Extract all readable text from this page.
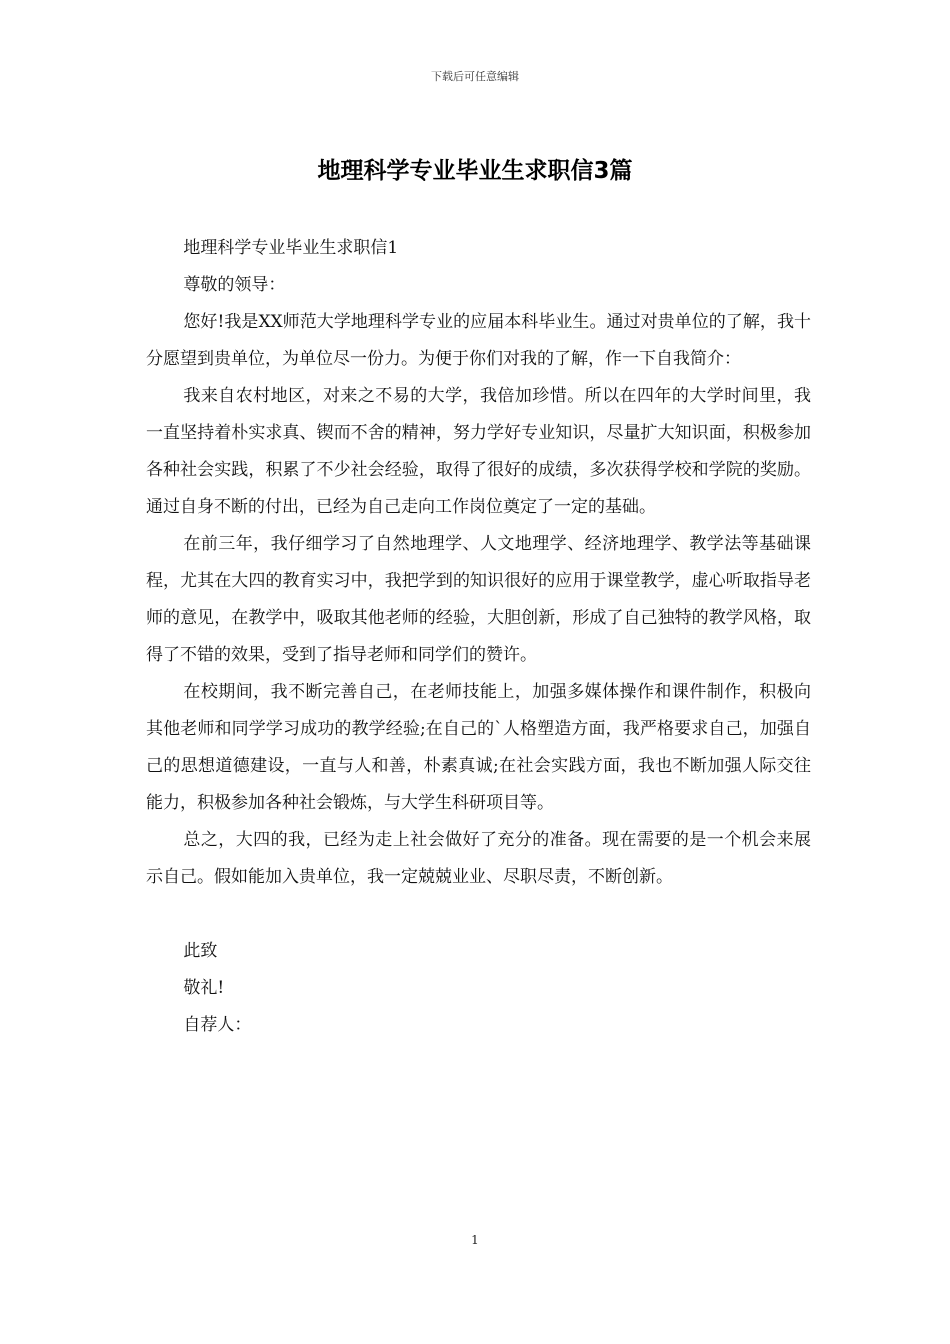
下载后可任意编辑
地理科学专业毕业生求职信3篇

地理科学专业毕业生求职信1

尊敬的领导：

您好!我是XX师范大学地理科学专业的应届本科毕业生。通过对贵单位的了解，我十分愿望到贵单位，为单位尽一份力。为便于你们对我的了解，作一下自我简介：

我来自农村地区，对来之不易的大学，我倍加珍惜。所以在四年的大学时间里，我一直坚持着朴实求真、锲而不舍的精神，努力学好专业知识，尽量扩大知识面，积极参加各种社会实践，积累了不少社会经验，取得了很好的成绩，多次获得学校和学院的奖励。通过自身不断的付出，已经为自己走向工作岗位奠定了一定的基础。

在前三年，我仔细学习了自然地理学、人文地理学、经济地理学、教学法等基础课程，尤其在大四的教育实习中，我把学到的知识很好的应用于课堂教学，虚心听取指导老师的意见，在教学中，吸取其他老师的经验，大胆创新，形成了自己独特的教学风格，取得了不错的效果，受到了指导老师和同学们的赞许。

在校期间，我不断完善自己，在老师技能上，加强多媒体操作和课件制作，积极向其他老师和同学学习成功的教学经验;在自己的`人格塑造方面，我严格要求自己，加强自己的思想道德建设，一直与人和善，朴素真诚;在社会实践方面，我也不断加强人际交往能力，积极参加各种社会锻炼，与大学生科研项目等。

总之，大四的我，已经为走上社会做好了充分的准备。现在需要的是一个机会来展示自己。假如能加入贵单位，我一定兢兢业业、尽职尽责，不断创新。

此致

敬礼!

自荐人：

1
